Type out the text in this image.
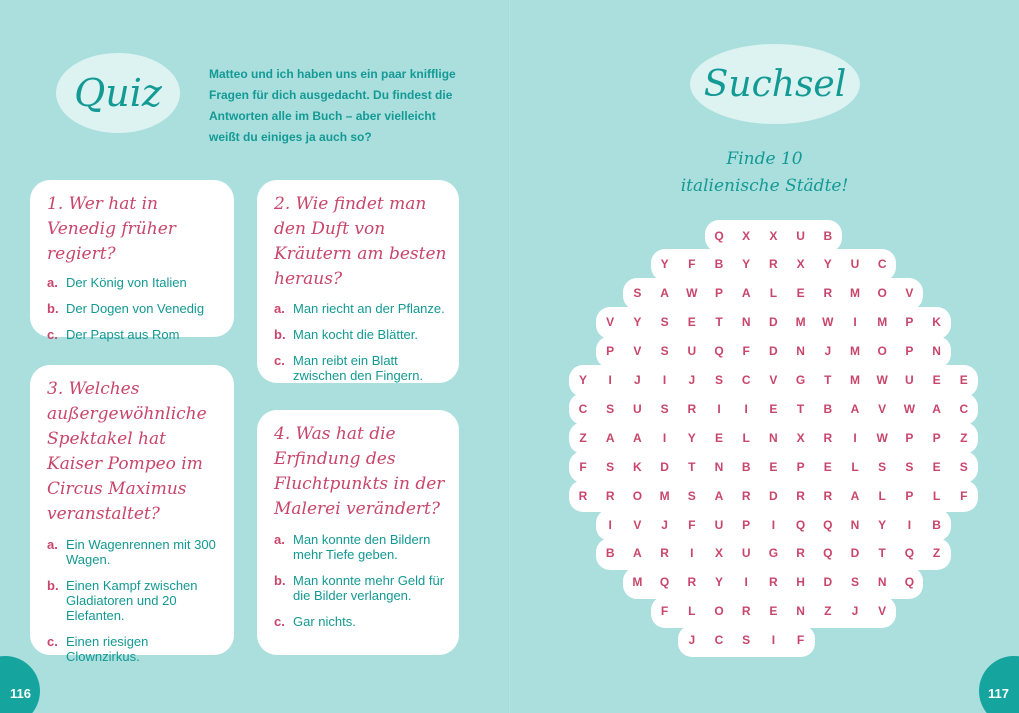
Quiz	Matteo und ich haben uns ein paar knifflige Fragen für dich ausgedacht. Du findest die Antworten alle im Buch – aber vielleicht weißt du einiges ja auch so?

1. Wer hat in Venedig früher regiert?

a. Der König von Italien
b. Der Dogen von Venedig
c. Der Papst aus Rom

2. Wie findet man den Duft von Kräutern am besten heraus?

a. Man riecht an der Pflanze.
b. Man kocht die Blätter.
c. Man reibt ein Blatt zwischen den Fingern.

3. Welches außergewöhnliche Spektakel hat Kaiser Pompeo im Circus Maximus veranstaltet?

a. Ein Wagenrennen mit 300 Wagen.
b. Einen Kampf zwischen Gladiatoren und 20 Elefanten.
c. Einen riesigen Clownzirkus.

4. Was hat die Erfindung des Fluchtpunkts in der Malerei verändert?

a. Man konnte den Bildern mehr Tiefe geben.
b. Man konnte mehr Geld für die Bilder verlangen.
c. Gar nichts.
116
Suchsel
Finde 10
italienische Städte!
Q	X	X	U	B
Y	F	B	Y	R	X	Y	U	C
S	A	W	P	A	L	E	R	M	O	V
V	Y	S	E	T	N	D	M	W	I	M	P	K
P	V	S	U	Q	F	D	N	J	M	O	P	N
Y	I	J	I	J	S	C	V	G	T	M	W	U	E	E
C	S	U	S	R	I	I	E	T	B	A	V	W	A	C
Z	A	A	I	Y	E	L	N	X	R	I	W	P	P	Z
F	S	K	D	T	N	B	E	P	E	L	S	S	E	S
R	R	O	M	S	A	R	D	R	R	A	L	P	L	F
I	V	J	F	U	P	I	Q	Q	N	Y	I	B
B	A	R	I	X	U	G	R	Q	D	T	Q	Z
M	Q	R	Y	I	R	H	D	S	N	Q
F	L	O	R	E	N	Z	J	V
J	C	S	I	F
117
